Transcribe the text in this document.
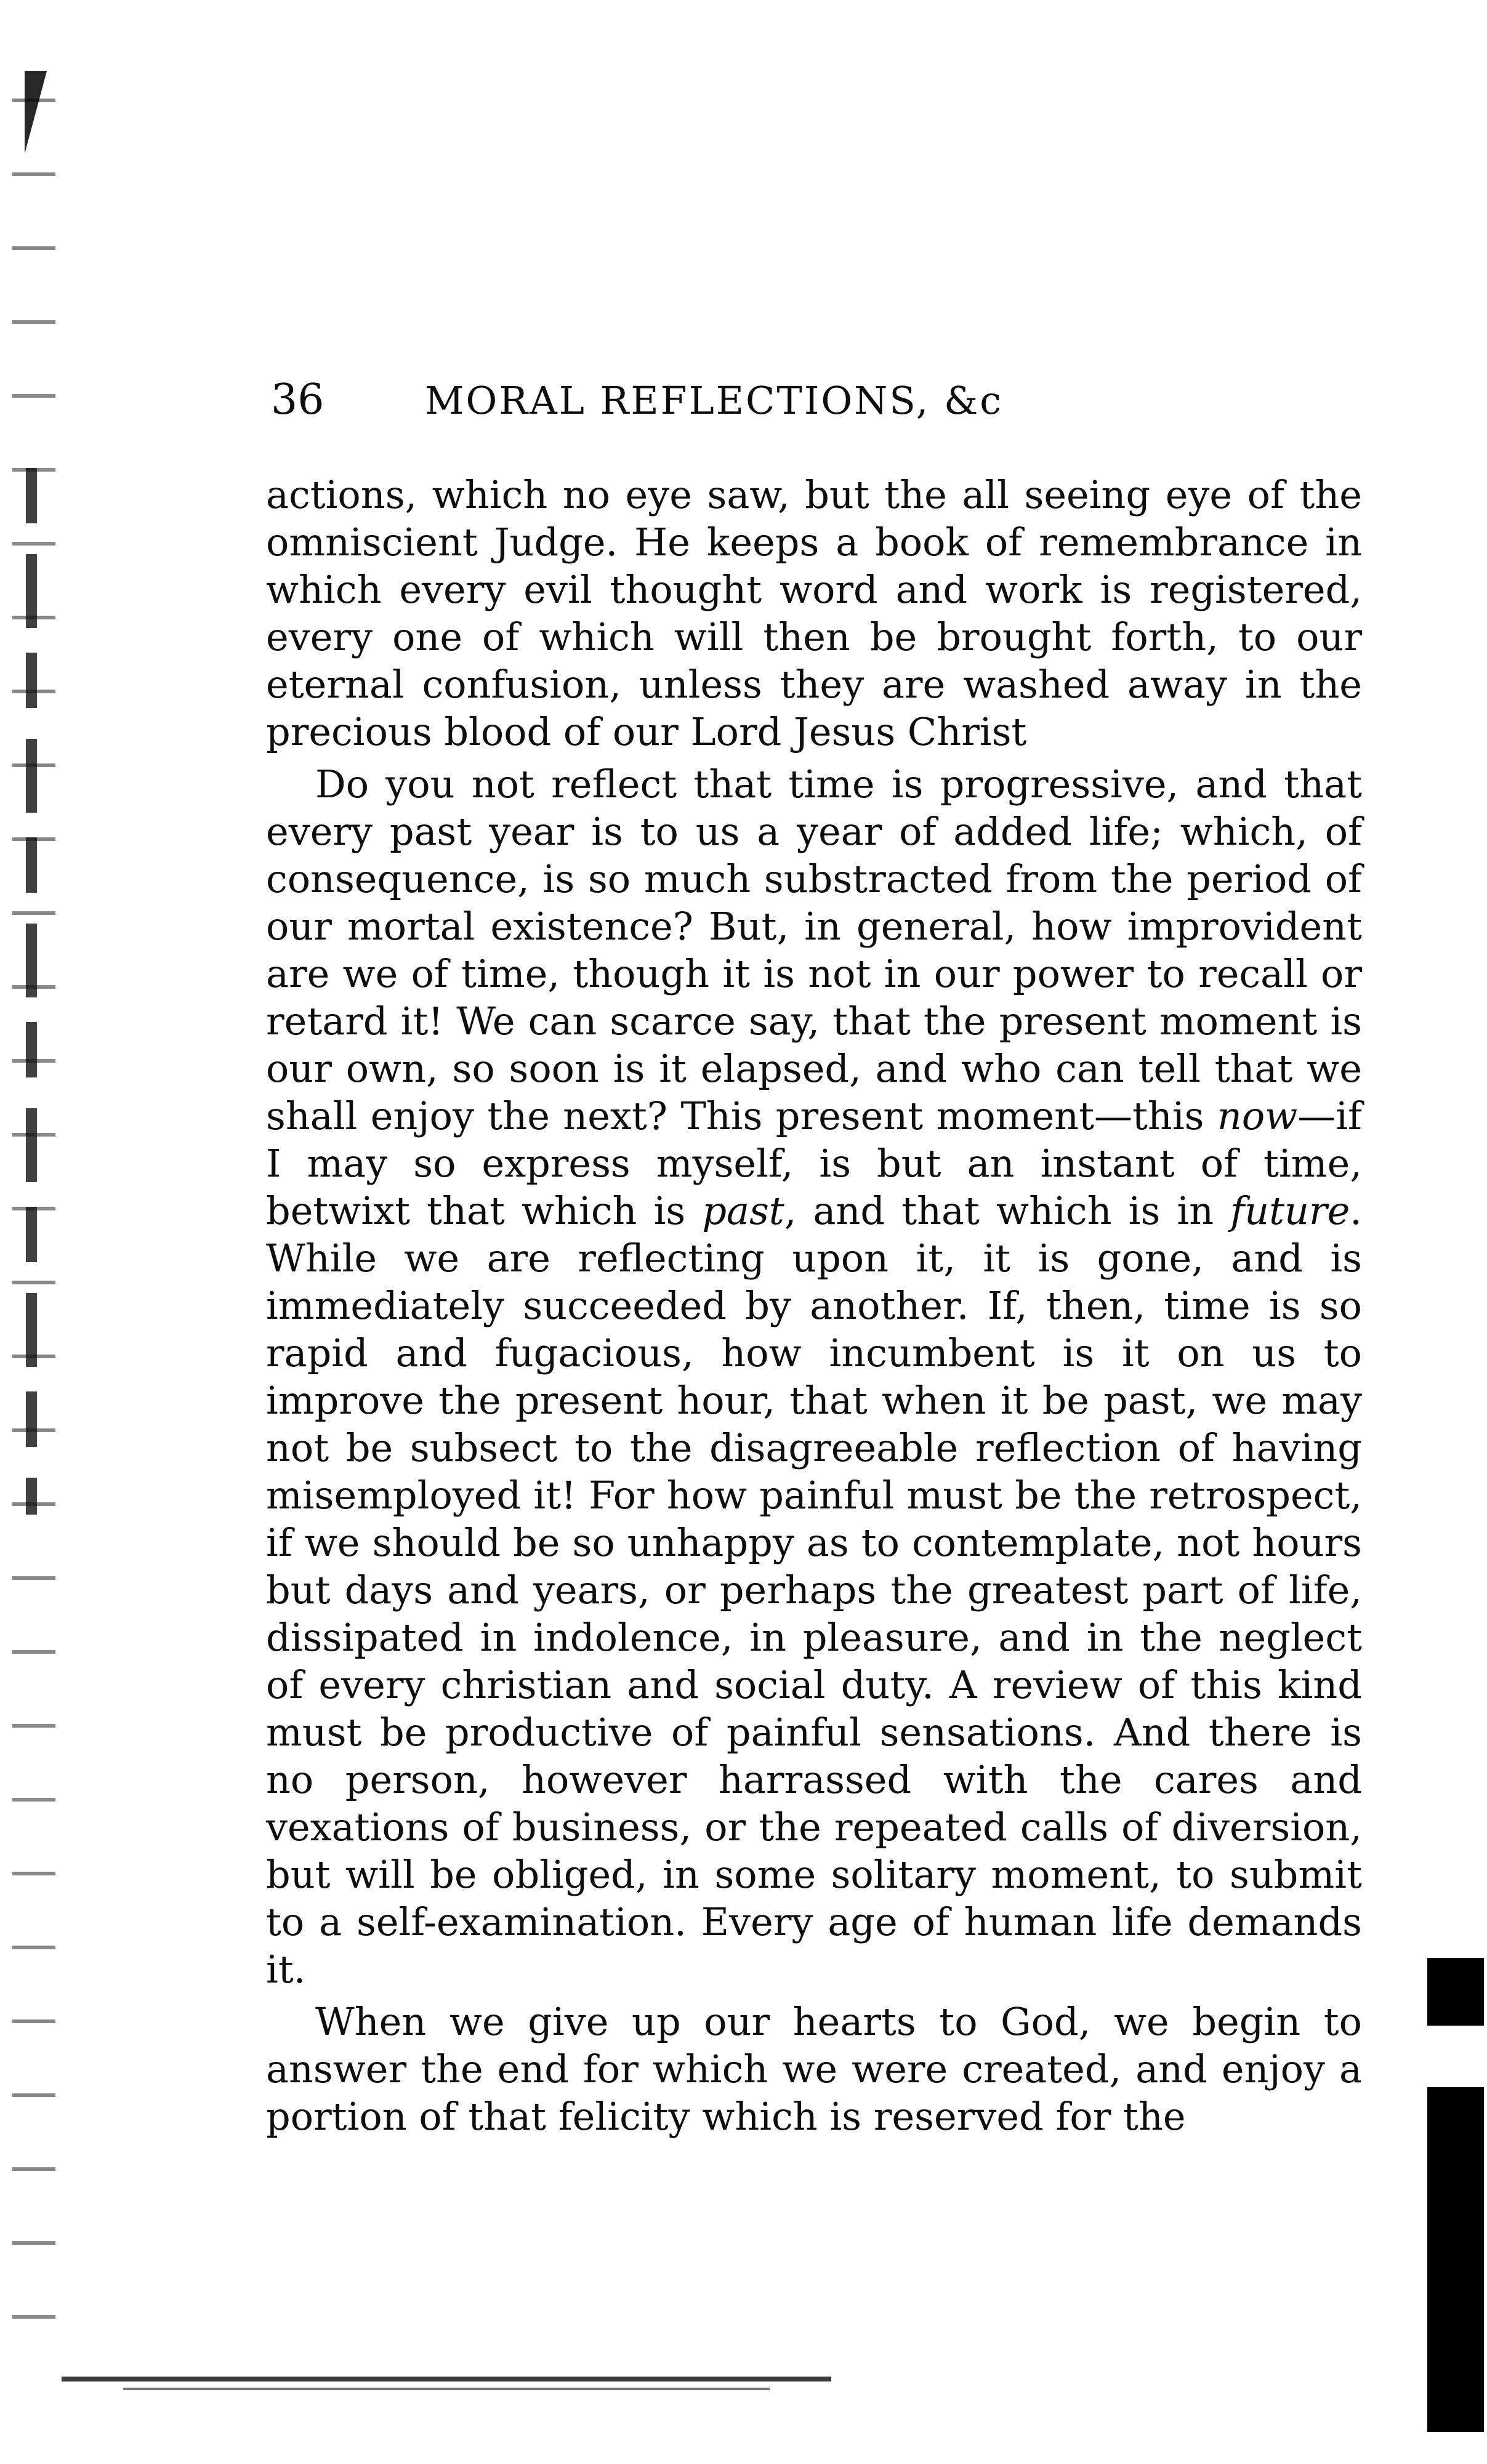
36	MORAL REFLECTIONS, &c

actions, which no eye saw, but the all seeing eye of the omniscient Judge. He keeps a book of remembrance in which every evil thought word and work is registered, every one of which will then be brought forth, to our eternal confusion, unless they are washed away in the precious blood of our Lord Jesus Christ

Do you not reflect that time is progressive, and that every past year is to us a year of added life; which, of consequence, is so much substracted from the period of our mortal existence? But, in general, how improvident are we of time, though it is not in our power to recall or retard it! We can scarce say, that the present moment is our own, so soon is it elapsed, and who can tell that we shall enjoy the next? This present moment—this now—if I may so express myself, is but an instant of time, betwixt that which is past, and that which is in future. While we are reflecting upon it, it is gone, and is immediately succeeded by another. If, then, time is so rapid and fugacious, how incumbent is it on us to improve the present hour, that when it be past, we may not be subsect to the disagreeable reflection of having misemployed it! For how painful must be the retrospect, if we should be so unhappy as to contemplate, not hours but days and years, or perhaps the greatest part of life, dissipated in indolence, in pleasure, and in the neglect of every christian and social duty. A review of this kind must be productive of painful sensations. And there is no person, however harrassed with the cares and vexations of business, or the repeated calls of diversion, but will be obliged, in some solitary moment, to submit to a self-examination. Every age of human life demands it.

When we give up our hearts to God, we begin to answer the end for which we were created, and enjoy a portion of that felicity which is reserved for the
